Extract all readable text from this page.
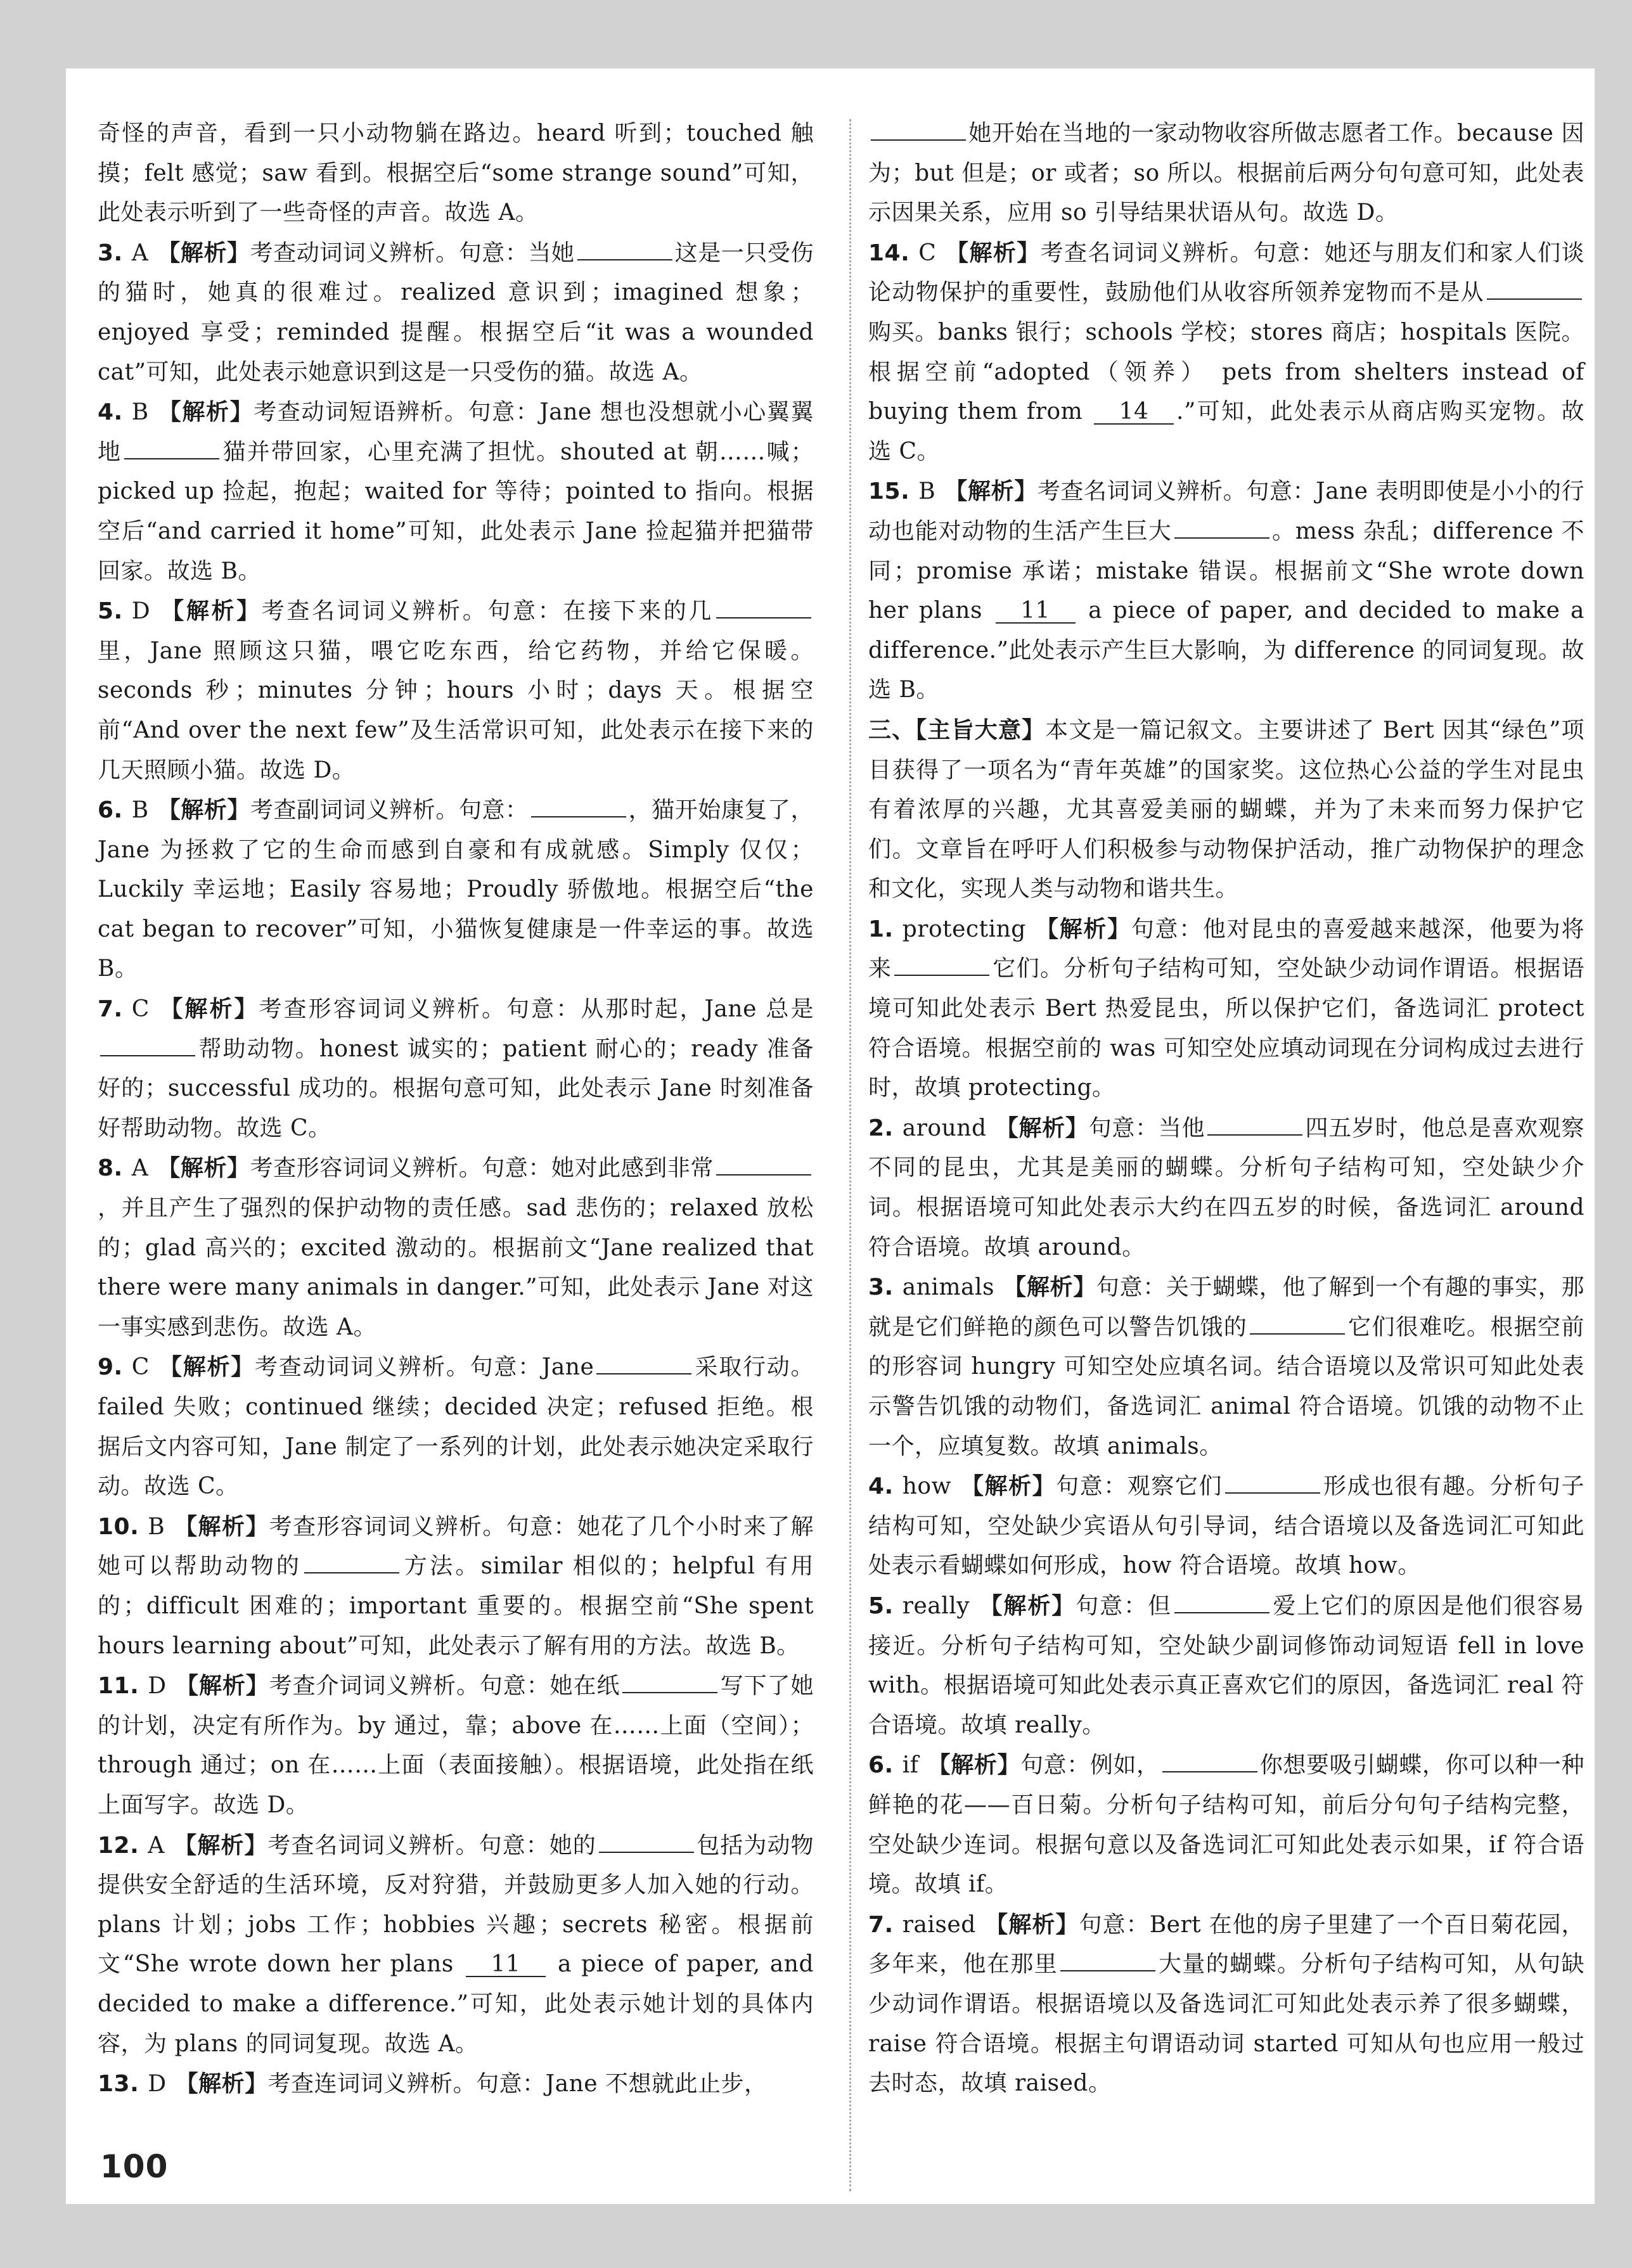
奇怪的声音，看到一只小动物躺在路边。heard 听到；touched 触摸；felt 感觉；saw 看到。根据空后“some strange sound”可知，此处表示听到了一些奇怪的声音。故选 A。

3. A 【解析】考查动词词义辨析。句意：当她	这是一只受伤的猫时，她真的很难过。realized 意识到；imagined 想象；enjoyed 享受；reminded 提醒。根据空后“it was a wounded cat”可知，此处表示她意识到这是一只受伤的猫。故选 A。

4. B 【解析】考查动词短语辨析。句意：Jane 想也没想就小心翼翼地	猫并带回家，心里充满了担忧。shouted at 朝……喊；picked up 捡起，抱起；waited for 等待；pointed to 指向。根据空后“and carried it home”可知，此处表示 Jane 捡起猫并把猫带回家。故选 B。

5. D 【解析】考查名词词义辨析。句意：在接下来的几里，Jane 照顾这只猫，喂它吃东西，给它药物，并给它保暖。seconds 秒；minutes 分钟；hours 小时；days 天。根据空前“And over the next few”及生活常识可知，此处表示在接下来的几天照顾小猫。故选 D。

6. B 【解析】考查副词词义辨析。句意：	，猫开始康复了，Jane 为拯救了它的生命而感到自豪和有成就感。Simply 仅仅；Luckily 幸运地；Easily 容易地；Proudly 骄傲地。根据空后“the cat began to recover”可知，小猫恢复健康是一件幸运的事。故选 B。

7. C 【解析】考查形容词词义辨析。句意：从那时起，Jane 总是帮助动物。honest 诚实的；patient 耐心的；ready 准备好的；successful 成功的。根据句意可知，此处表示 Jane 时刻准备好帮助动物。故选 C。

8. A 【解析】考查形容词词义辨析。句意：她对此感到非常，并且产生了强烈的保护动物的责任感。sad 悲伤的；relaxed 放松的；glad 高兴的；excited 激动的。根据前文“Jane realized that there were many animals in danger.”可知，此处表示 Jane 对这一事实感到悲伤。故选 A。

9. C 【解析】考查动词词义辨析。句意：Jane	采取行动。failed 失败；continued 继续；decided 决定；refused 拒绝。根据后文内容可知，Jane 制定了一系列的计划，此处表示她决定采取行动。故选 C。

10. B 【解析】考查形容词词义辨析。句意：她花了几个小时来了解她可以帮助动物的	方法。similar 相似的；helpful 有用的；difficult 困难的；important 重要的。根据空前“She spent hours learning about”可知，此处表示了解有用的方法。故选 B。

11. D 【解析】考查介词词义辨析。句意：她在纸	写下了她的计划，决定有所作为。by 通过，靠；above 在……上面（空间）；through 通过；on 在……上面（表面接触）。根据语境，此处指在纸上面写字。故选 D。

12. A 【解析】考查名词词义辨析。句意：她的	包括为动物提供安全舒适的生活环境，反对狩猎，并鼓励更多人加入她的行动。plans 计划；jobs 工作；hobbies 兴趣；secrets 秘密。根据前文“She wrote down her plans 11 a piece of paper, and decided to make a difference.”可知，此处表示她计划的具体内容，为 plans 的同词复现。故选 A。

13. D 【解析】考查连词词义辨析。句意：Jane 不想就此止步，

她开始在当地的一家动物收容所做志愿者工作。because 因为；but 但是；or 或者；so 所以。根据前后两分句句意可知，此处表示因果关系，应用 so 引导结果状语从句。故选 D。

14. C 【解析】考查名词词义辨析。句意：她还与朋友们和家人们谈论动物保护的重要性，鼓励他们从收容所领养宠物而不是从购买。banks 银行；schools 学校；stores 商店；hospitals 医院。根据空前“adopted（领养） pets from shelters instead of buying them from 14 .”可知，此处表示从商店购买宠物。故选 C。

15. B 【解析】考查名词词义辨析。句意：Jane 表明即使是小小的行动也能对动物的生活产生巨大	。mess 杂乱；difference 不同；promise 承诺；mistake 错误。根据前文“She wrote down her plans 11 a piece of paper, and decided to make a difference.”此处表示产生巨大影响，为 difference 的同词复现。故选 B。

三、【主旨大意】本文是一篇记叙文。主要讲述了 Bert 因其“绿色”项目获得了一项名为“青年英雄”的国家奖。这位热心公益的学生对昆虫有着浓厚的兴趣，尤其喜爱美丽的蝴蝶，并为了未来而努力保护它们。文章旨在呼吁人们积极参与动物保护活动，推广动物保护的理念和文化，实现人类与动物和谐共生。

1. protecting 【解析】句意：他对昆虫的喜爱越来越深，他要为将来	它们。分析句子结构可知，空处缺少动词作谓语。根据语境可知此处表示 Bert 热爱昆虫，所以保护它们，备选词汇 protect 符合语境。根据空前的 was 可知空处应填动词现在分词构成过去进行时，故填 protecting。

2. around 【解析】句意：当他	四五岁时，他总是喜欢观察不同的昆虫，尤其是美丽的蝴蝶。分析句子结构可知，空处缺少介词。根据语境可知此处表示大约在四五岁的时候，备选词汇 around 符合语境。故填 around。

3. animals 【解析】句意：关于蝴蝶，他了解到一个有趣的事实，那就是它们鲜艳的颜色可以警告饥饿的	它们很难吃。根据空前的形容词 hungry 可知空处应填名词。结合语境以及常识可知此处表示警告饥饿的动物们，备选词汇 animal 符合语境。饥饿的动物不止一个，应填复数。故填 animals。

4. how 【解析】句意：观察它们	形成也很有趣。分析句子结构可知，空处缺少宾语从句引导词，结合语境以及备选词汇可知此处表示看蝴蝶如何形成，how 符合语境。故填 how。

5. really 【解析】句意：但	爱上它们的原因是他们很容易接近。分析句子结构可知，空处缺少副词修饰动词短语 fell in love with。根据语境可知此处表示真正喜欢它们的原因，备选词汇 real 符合语境。故填 really。

6. if 【解析】句意：例如，	你想要吸引蝴蝶，你可以种一种鲜艳的花——百日菊。分析句子结构可知，前后分句句子结构完整，空处缺少连词。根据句意以及备选词汇可知此处表示如果，if 符合语境。故填 if。

7. raised 【解析】句意：Bert 在他的房子里建了一个百日菊花园，多年来，他在那里	大量的蝴蝶。分析句子结构可知，从句缺少动词作谓语。根据语境以及备选词汇可知此处表示养了很多蝴蝶，raise 符合语境。根据主句谓语动词 started 可知从句也应用一般过去时态，故填 raised。

100
